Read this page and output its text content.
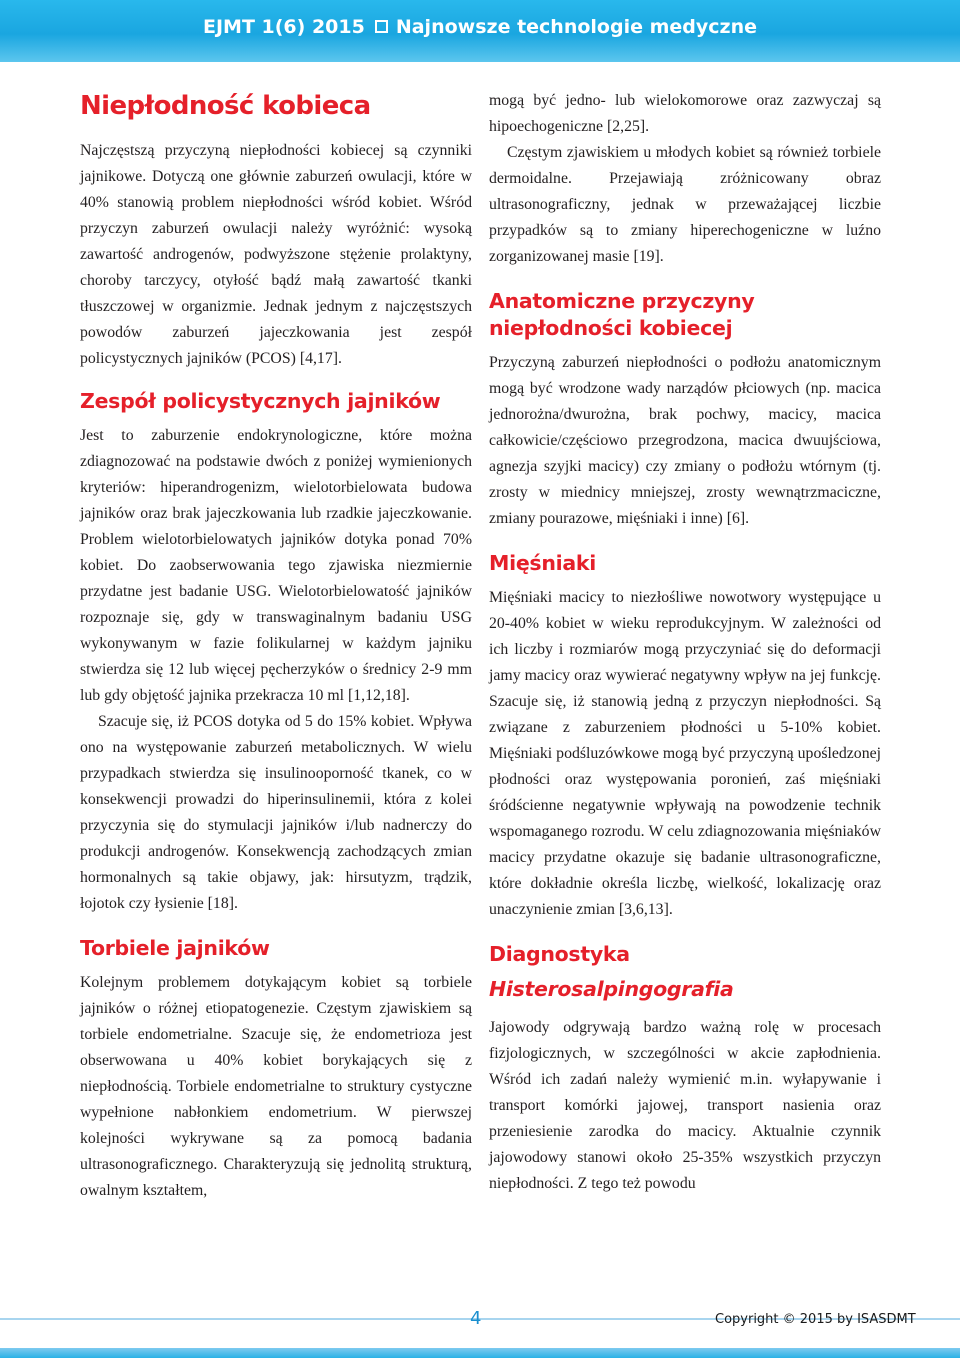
EJMT 1(6) 2015 Najnowsze technologie medyczne
Niepłodność kobieca

Najczęstszą przyczyną niepłodności kobiecej są czynniki jajnikowe. Dotyczą one głównie zaburzeń owulacji, które w 40% stanowią problem niepłodności wśród kobiet. Wśród przyczyn zaburzeń owulacji należy wyróżnić: wysoką zawartość androgenów, podwyższone stężenie prolaktyny, choroby tarczycy, otyłość bądź małą zawartość tkanki tłuszczowej w organizmie. Jednak jednym z najczęstszych powodów zaburzeń jajeczkowania jest zespół policystycznych jajników (PCOS) [4,17].

Zespół policystycznych jajników

Jest to zaburzenie endokrynologiczne, które można zdiagnozować na podstawie dwóch z poniżej wymienionych kryteriów: hiperandrogenizm, wielotorbielowata budowa jajników oraz brak jajeczkowania lub rzadkie jajeczkowanie. Problem wielotorbielowatych jajników dotyka ponad 70% kobiet. Do zaobserwowania tego zjawiska niezmiernie przydatne jest badanie USG. Wielotorbielowatość jajników rozpoznaje się, gdy w transwaginalnym badaniu USG wykonywanym w fazie folikularnej w każdym jajniku stwierdza się 12 lub więcej pęcherzyków o średnicy 2-9 mm lub gdy objętość jajnika przekracza 10 ml [1,12,18].

Szacuje się, iż PCOS dotyka od 5 do 15% kobiet. Wpływa ono na występowanie zaburzeń metabolicznych. W wielu przypadkach stwierdza się insulinooporność tkanek, co w konsekwencji prowadzi do hiperinsulinemii, która z kolei przyczynia się do stymulacji jajników i/lub nadnerczy do produkcji androgenów. Konsekwencją zachodzących zmian hormonalnych są takie objawy, jak: hirsutyzm, trądzik, łojotok czy łysienie [18].

Torbiele jajników

Kolejnym problemem dotykającym kobiet są torbiele jajników o różnej etiopatogenezie. Częstym zjawiskiem są torbiele endometrialne. Szacuje się, że endometrioza jest obserwowana u 40% kobiet borykających się z niepłodnością. Torbiele endometrialne to struktury cystyczne wypełnione nabłonkiem endometrium. W pierwszej kolejności wykrywane są za pomocą badania ultrasonograficznego. Charakteryzują się jednolitą strukturą, owalnym kształtem,

mogą być jedno- lub wielokomorowe oraz zazwyczaj są hipoechogeniczne [2,25].

Częstym zjawiskiem u młodych kobiet są również torbiele dermoidalne. Przejawiają zróżnicowany obraz ultrasonograficzny, jednak w przeważającej liczbie przypadków są to zmiany hiperechogeniczne w luźno zorganizowanej masie [19].

Anatomiczne przyczyny niepłodności kobiecej

Przyczyną zaburzeń niepłodności o podłożu anatomicznym mogą być wrodzone wady narządów płciowych (np. macica jednorożna/dwurożna, brak pochwy, macicy, macica całkowicie/częściowo przegrodzona, macica dwuujściowa, agnezja szyjki macicy) czy zmiany o podłożu wtórnym (tj. zrosty w miednicy mniejszej, zrosty wewnątrzmaciczne, zmiany pourazowe, mięśniaki i inne) [6].

Mięśniaki

Mięśniaki macicy to niezłośliwe nowotwory występujące u 20-40% kobiet w wieku reprodukcyjnym. W zależności od ich liczby i rozmiarów mogą przyczyniać się do deformacji jamy macicy oraz wywierać negatywny wpływ na jej funkcję. Szacuje się, iż stanowią jedną z przyczyn niepłodności. Są związane z zaburzeniem płodności u 5-10% kobiet. Mięśniaki podśluzówkowe mogą być przyczyną upośledzonej płodności oraz występowania poronień, zaś mięśniaki śródścienne negatywnie wpływają na powodzenie technik wspomaganego rozrodu. W celu zdiagnozowania mięśniaków macicy przydatne okazuje się badanie ultrasonograficzne, które dokładnie określa liczbę, wielkość, lokalizację oraz unaczynienie zmian [3,6,13].

Diagnostyka
Histerosalpingografia

Jajowody odgrywają bardzo ważną rolę w procesach fizjologicznych, w szczególności w akcie zapłodnienia. Wśród ich zadań należy wymienić m.in. wyłapywanie i transport komórki jajowej, transport nasienia oraz przeniesienie zarodka do macicy. Aktualnie czynnik jajowodowy stanowi około 25-35% wszystkich przyczyn niepłodności. Z tego też powodu

4	Copyright © 2015 by ISASDMT
